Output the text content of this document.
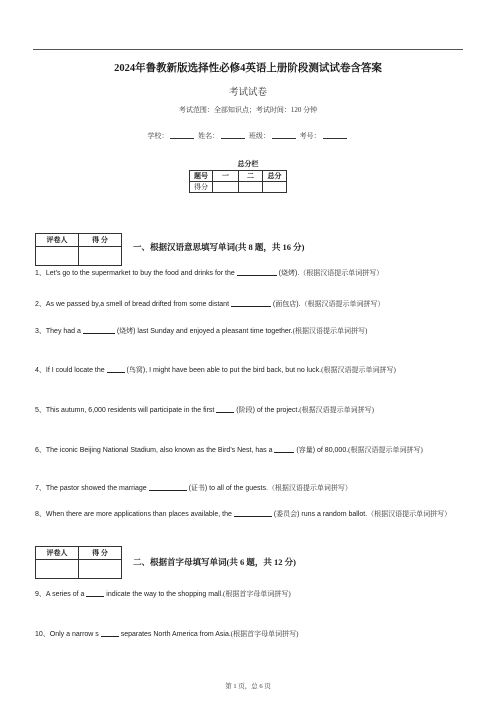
2024年鲁教新版选择性必修4英语上册阶段测试试卷含答案
考试试卷
考试范围：全部知识点；考试时间：120 分钟
学校：	姓名：	班级：	考号：
总分栏
题号	一	二	总分
得分			
评卷人	得 分

一、根据汉语意思填写单词(共 8 题，共 16 分)
1、Let's go to the supermarket to buy the food and drinks for the	(烧烤).（根据汉语提示单词拼写）
2、As we passed by,a smell of bread drifted from some distant	(面包店).（根据汉语提示单词拼写）
3、They had a	(烧烤) last Sunday and enjoyed a pleasant time together.(根据汉语提示单词拼写)
4、If I could locate the	(鸟窝), I might have been able to put the bird back, but no luck.(根据汉语提示单词拼写)
5、This autumn, 6,000 residents will participate in the first	(阶段) of the project.(根据汉语提示单词拼写)
6、The iconic Beijing National Stadium, also known as the Bird's Nest, has a	(容量) of 80,000.(根据汉语提示单词拼写)
7、The pastor showed the marriage	(证书) to all of the guests.（根据汉语提示单词拼写）
8、When there are more applications than places available, the	(委员会) runs a random ballot.（根据汉语提示单词拼写）
评卷人	得 分

二、根据首字母填写单词(共 6 题，共 12 分)
9、A series of a	indicate the way to the shopping mall.(根据首字母单词拼写)
10、Only a narrow s	separates North America from Asia.(根据首字母单词拼写)
第 1 页，总 6 页
